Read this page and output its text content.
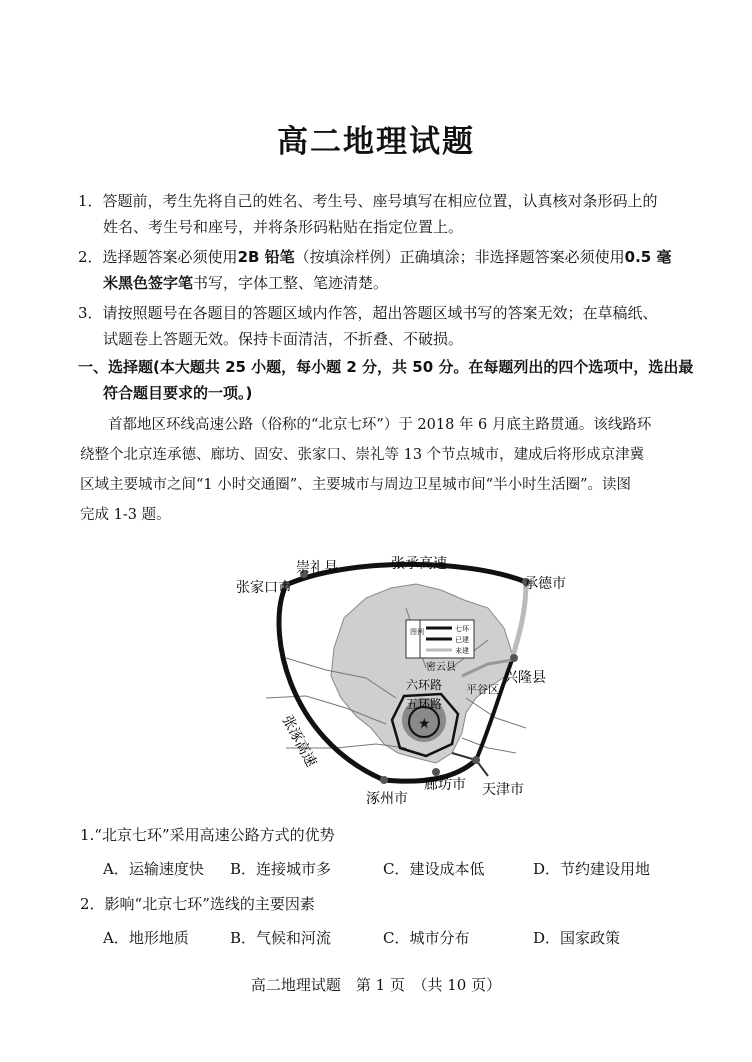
高二地理试题
1．答题前，考生先将自己的姓名、考生号、座号填写在相应位置，认真核对条形码上的
姓名、考生号和座号，并将条形码粘贴在指定位置上。
2．选择题答案必须使用2B 铅笔（按填涂样例）正确填涂；非选择题答案必须使用0.5 毫
米黑色签字笔书写，字体工整、笔迹清楚。
3．请按照题号在各题目的答题区域内作答，超出答题区域书写的答案无效；在草稿纸、
试题卷上答题无效。保持卡面清洁，不折叠、不破损。
一、选择题(本大题共 25 小题，每小题 2 分，共 50 分。在每题列出的四个选项中，选出最
符合题目要求的一项。)
首都地区环线高速公路（俗称的“北京七环”）于 2018 年 6 月底主路贯通。该线路环
绕整个北京连承德、廊坊、固安、张家口、崇礼等 13 个节点城市，建成后将形成京津冀
区域主要城市之间“1 小时交通圈”、主要城市与周边卫星城市间“半小时生活圈”。读图
完成 1-3 题。
★
图例	七环
已建
未建
崇礼县	张承高速
承德市
张家口市
密云县
兴隆县
平谷区
六环路
五环路
张涿高速
涿州市
廊坊市 天津市
1.“北京七环”采用高速公路方式的优势
A．运输速度快 B．连接城市多	C．建设成本低	D．节约建设用地
2．影响“北京七环”选线的主要因素
A．地形地质	B．气候和河流	C．城市分布	D．国家政策
高二地理试题　第 1 页　（共 10 页）
